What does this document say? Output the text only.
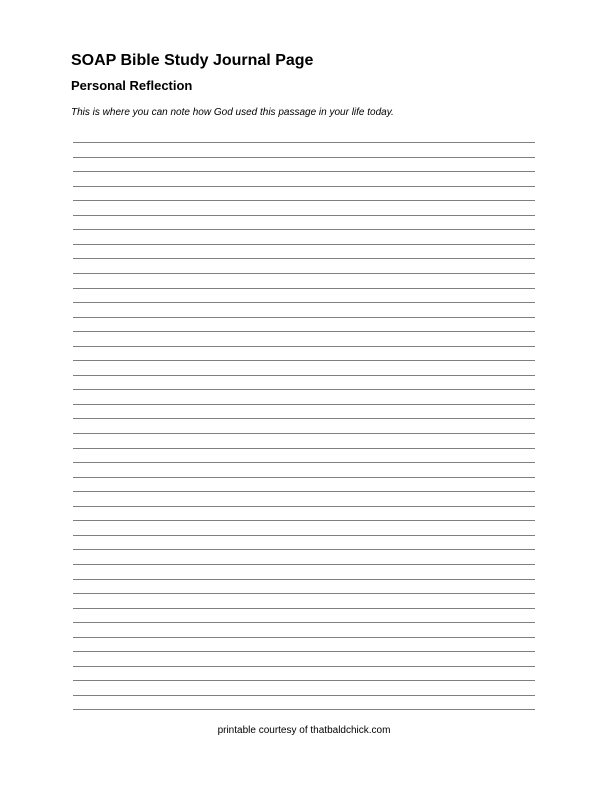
SOAP Bible Study Journal Page
Personal Reflection

This is where you can note how God used this passage in your life today.

printable courtesy of thatbaldchick.com
